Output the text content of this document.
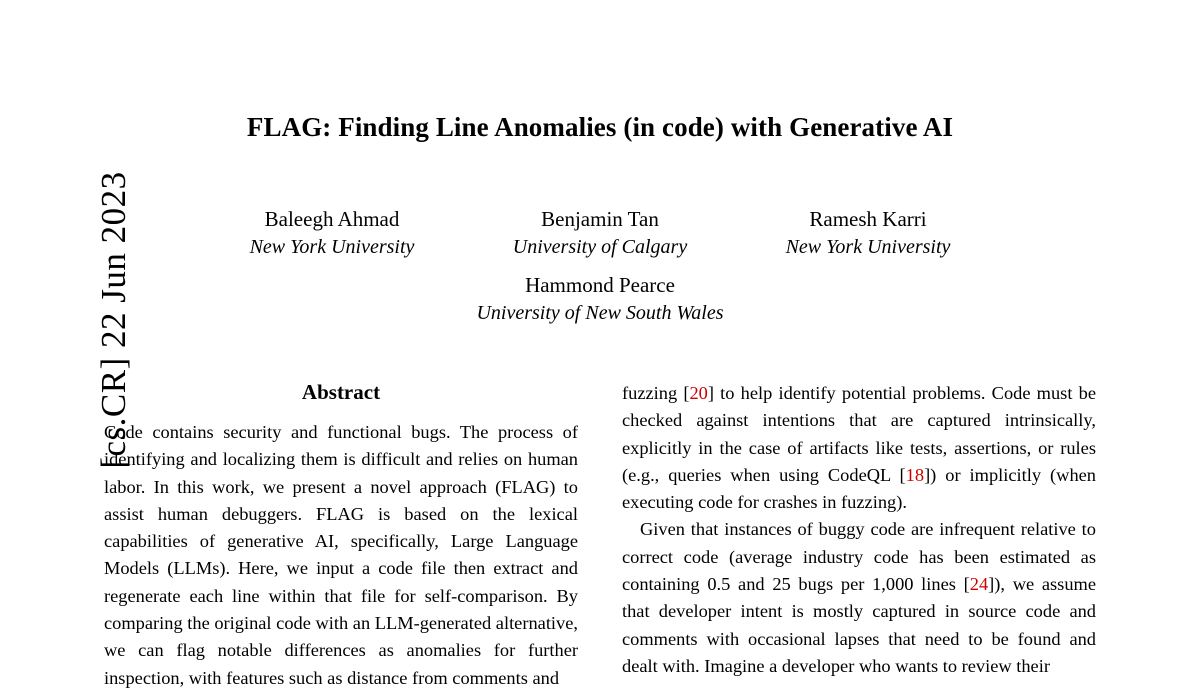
[cs.CR] 22 Jun 2023
FLAG: Finding Line Anomalies (in code) with Generative AI
Baleegh Ahmad
New York University
Benjamin Tan
University of Calgary
Ramesh Karri
New York University
Hammond Pearce
University of New South Wales
Abstract

Code contains security and functional bugs. The process of identifying and localizing them is difficult and relies on human labor. In this work, we present a novel approach (FLAG) to assist human debuggers. FLAG is based on the lexical capabilities of generative AI, specifically, Large Language Models (LLMs). Here, we input a code file then extract and regenerate each line within that file for self-comparison. By comparing the original code with an LLM-generated alternative, we can flag notable differences as anomalies for further inspection, with features such as distance from comments and

fuzzing [20] to help identify potential problems. Code must be checked against intentions that are captured intrinsically, explicitly in the case of artifacts like tests, assertions, or rules (e.g., queries when using CodeQL [18]) or implicitly (when executing code for crashes in fuzzing).

Given that instances of buggy code are infrequent relative to correct code (average industry code has been estimated as containing 0.5 and 25 bugs per 1,000 lines [24]), we assume that developer intent is mostly captured in source code and comments with occasional lapses that need to be found and dealt with. Imagine a developer who wants to review their
